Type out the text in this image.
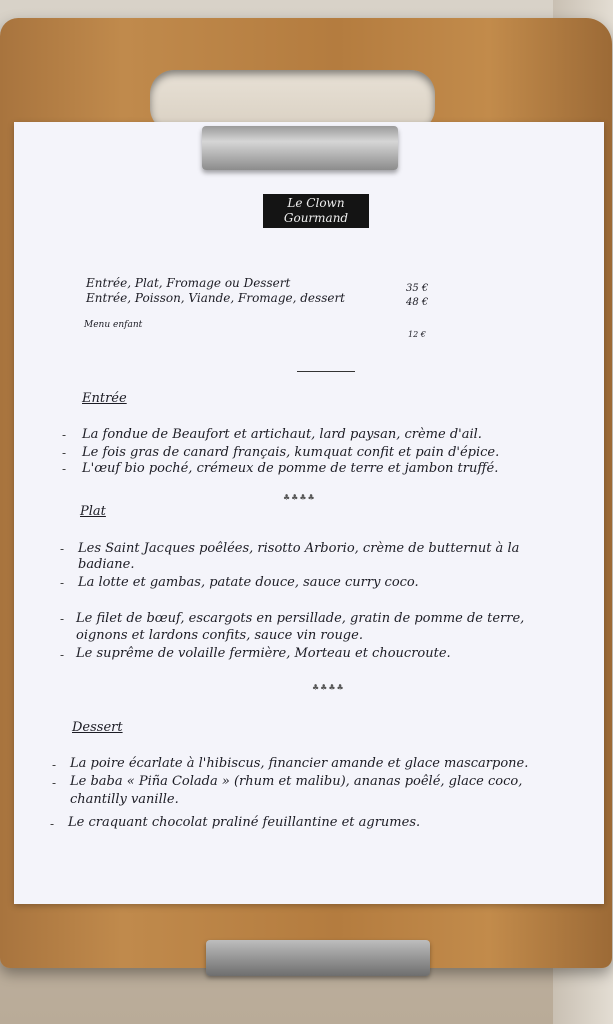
Le Clown
Gourmand
Entrée, Plat, Fromage ou Dessert	35 €
Entrée, Poisson, Viande, Fromage, dessert	48 €
Menu enfant
12 €
Entrée
- La fondue de Beaufort et artichaut, lard paysan, crème d'ail.
- Le fois gras de canard français, kumquat confit et pain d'épice.
- L'œuf bio poché, crémeux de pomme de terre et jambon truffé.
♣♣♣♣
Plat
- Les Saint Jacques poêlées, risotto Arborio, crème de butternut à la
badiane.
- La lotte et gambas, patate douce, sauce curry coco.
- Le filet de bœuf, escargots en persillade, gratin de pomme de terre,
oignons et lardons confits, sauce vin rouge.
- Le suprême de volaille fermière, Morteau et choucroute.
♣♣♣♣
Dessert
- La poire écarlate à l'hibiscus, financier amande et glace mascarpone.
- Le baba « Piña Colada » (rhum et malibu), ananas poêlé, glace coco,
chantilly vanille.
- Le craquant chocolat praliné feuillantine et agrumes.
